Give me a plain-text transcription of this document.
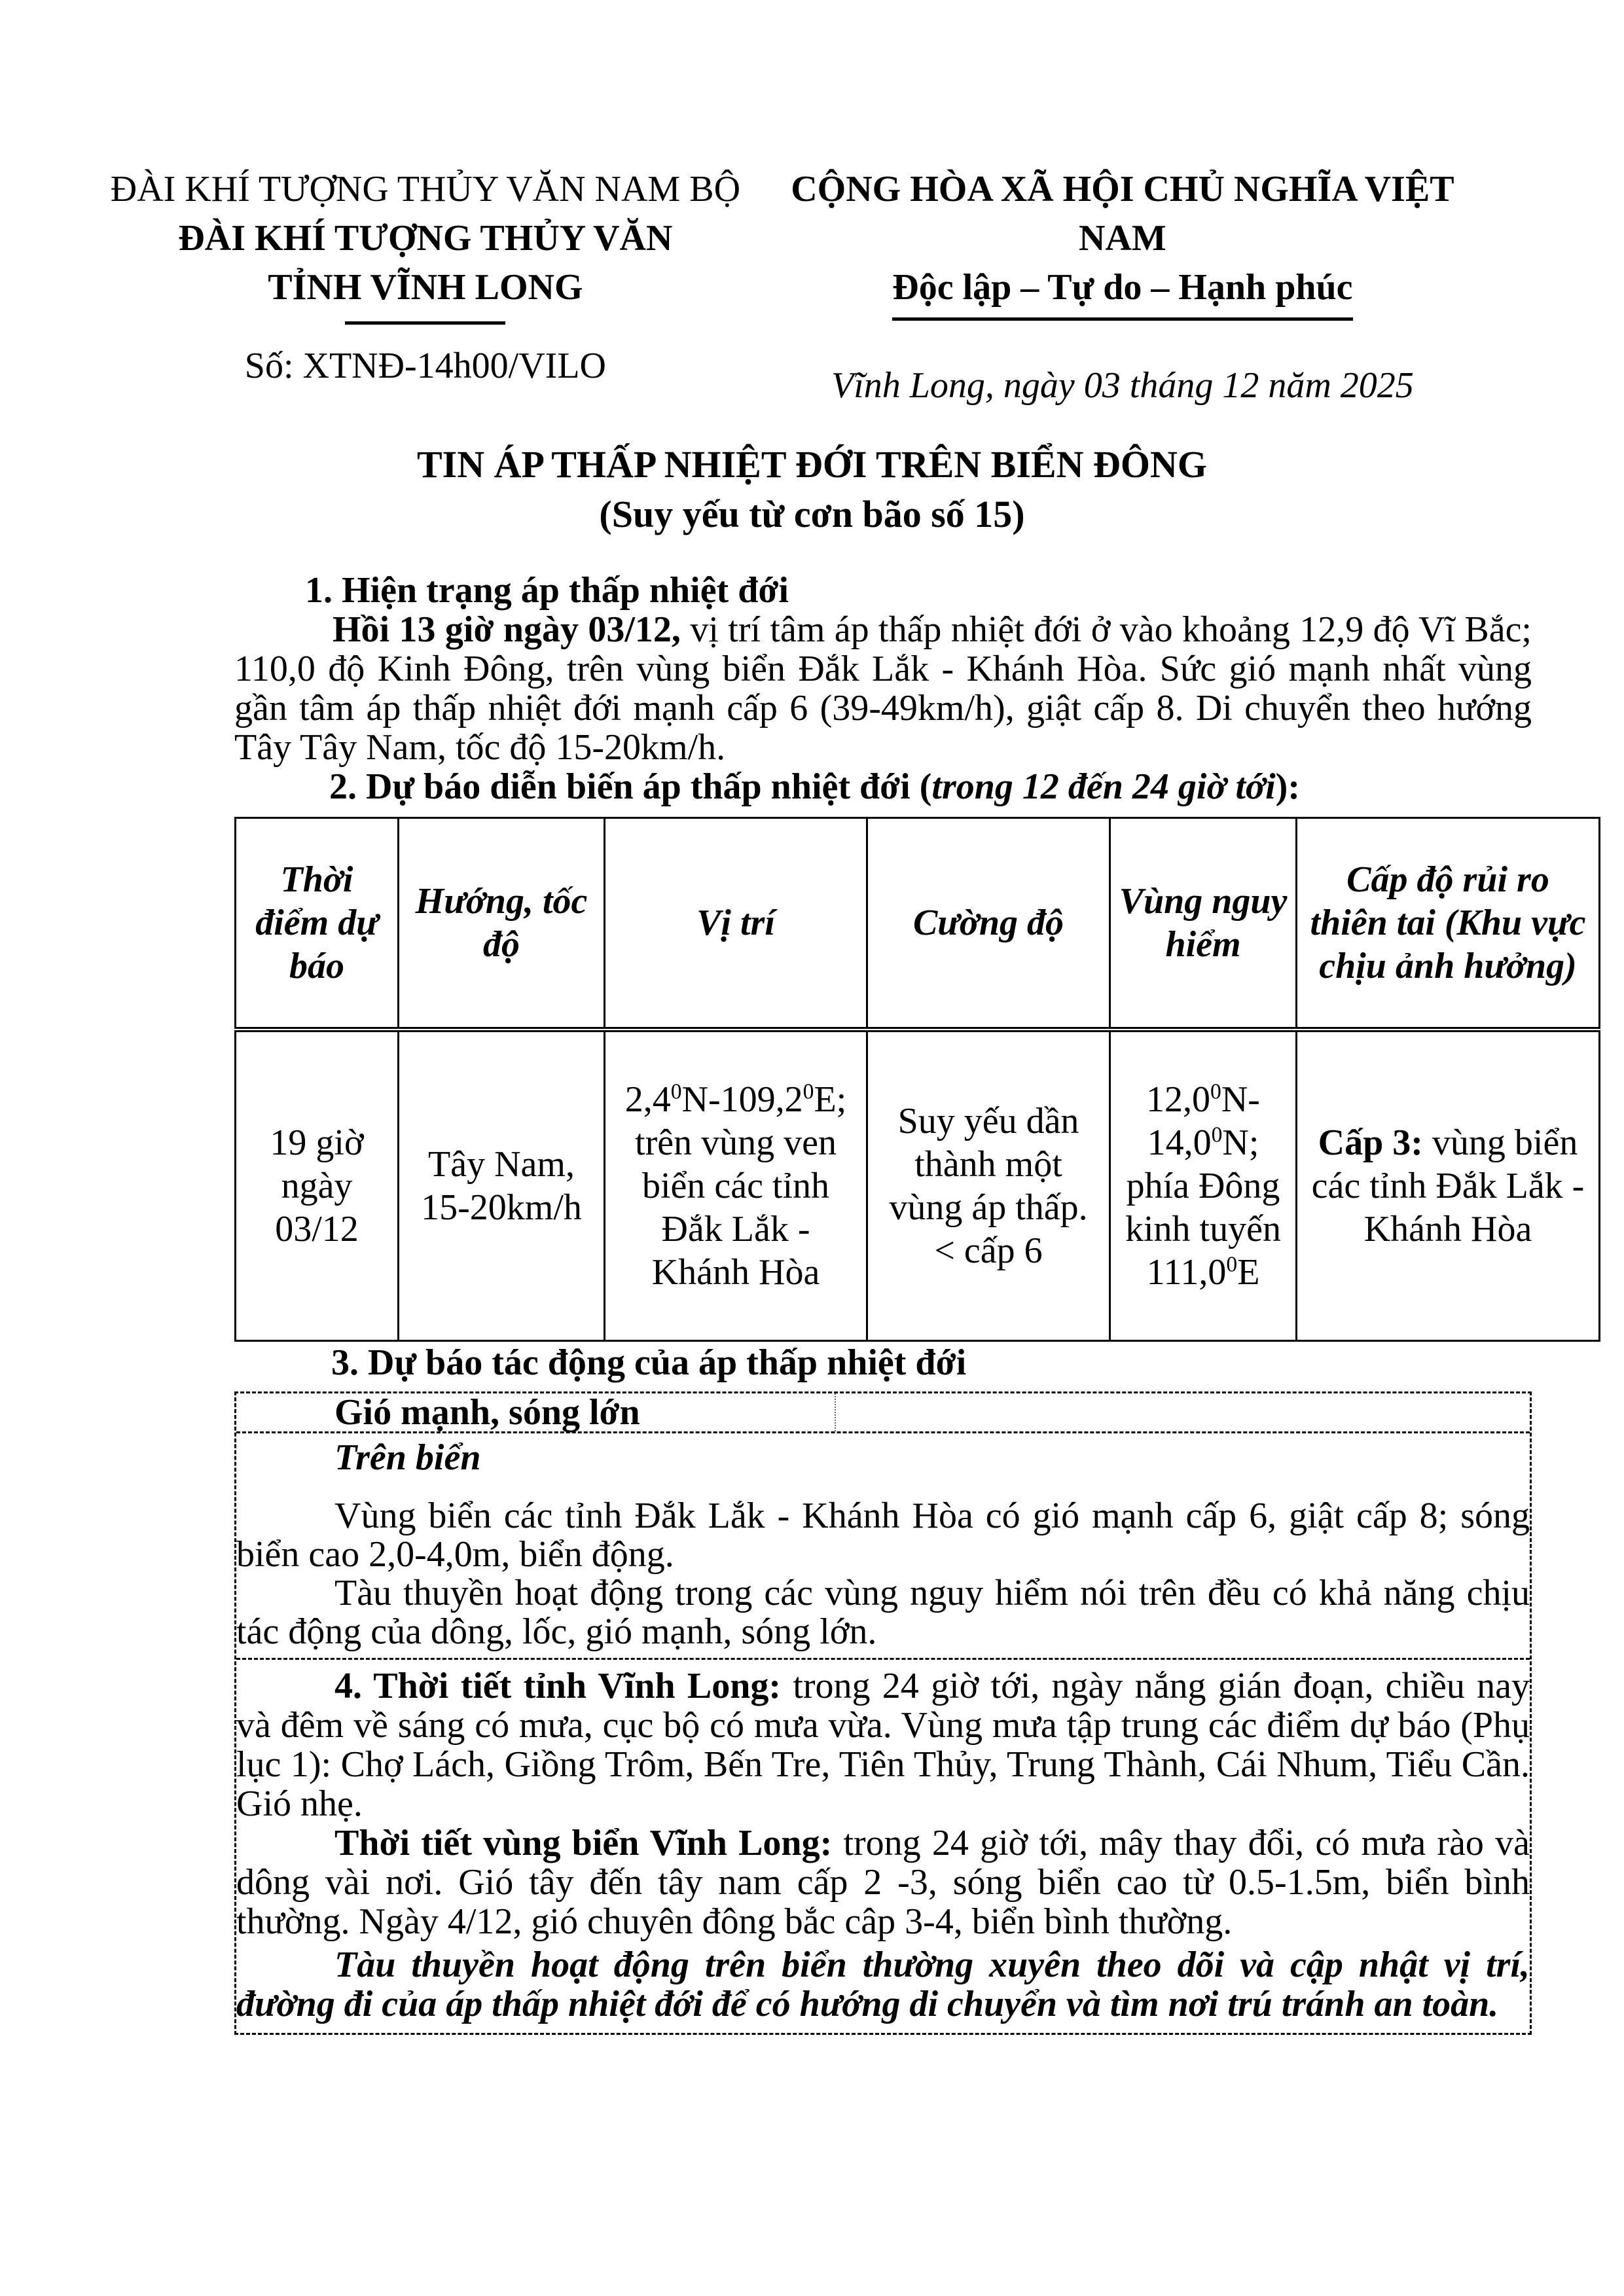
ĐÀI KHÍ TƯỢNG THỦY VĂN NAM BỘ
ĐÀI KHÍ TƯỢNG THỦY VĂN
TỈNH VĨNH LONG
Số: XTNĐ-14h00/VILO
CỘNG HÒA XÃ HỘI CHỦ NGHĨA VIỆT NAM
Độc lập – Tự do – Hạnh phúc
Vĩnh Long, ngày 03 tháng 12 năm 2025
TIN ÁP THẤP NHIỆT ĐỚI TRÊN BIỂN ĐÔNG
(Suy yếu từ cơn bão số 15)

1. Hiện trạng áp thấp nhiệt đới

Hồi 13 giờ ngày 03/12, vị trí tâm áp thấp nhiệt đới ở vào khoảng 12,9 độ Vĩ Bắc; 110,0 độ Kinh Đông, trên vùng biển Đắk Lắk - Khánh Hòa. Sức gió mạnh nhất vùng gần tâm áp thấp nhiệt đới mạnh cấp 6 (39-49km/h), giật cấp 8. Di chuyển theo hướng Tây Tây Nam, tốc độ 15-20km/h.

2. Dự báo diễn biến áp thấp nhiệt đới (trong 12 đến 24 giờ tới):

Thời điểm dự báo	Hướng, tốc độ	Vị trí	Cường độ	Vùng nguy hiểm	Cấp độ rủi ro thiên tai (Khu vực chịu ảnh hưởng)
19 giờ ngày 03/12	Tây Nam, 15-20km/h	$2,4^0N-109,2^0E$; trên vùng ven biển các tỉnh Đắk Lắk - Khánh Hòa	Suy yếu dần thành một vùng áp thấp. < cấp 6	12,0$^0$N-14,0$^0$N; phía Đông kinh tuyến 111,0$^0$E	Cấp 3: vùng biển các tỉnh Đắk Lắk - Khánh Hòa

3. Dự báo tác động của áp thấp nhiệt đới

Gió mạnh, sóng lớn

Trên biển

Vùng biển các tỉnh Đắk Lắk - Khánh Hòa có gió mạnh cấp 6, giật cấp 8; sóng biển cao 2,0-4,0m, biển động.

Tàu thuyền hoạt động trong các vùng nguy hiểm nói trên đều có khả năng chịu tác động của dông, lốc, gió mạnh, sóng lớn.

4. Thời tiết tỉnh Vĩnh Long: trong 24 giờ tới, ngày nắng gián đoạn, chiều nay và đêm về sáng có mưa, cục bộ có mưa vừa. Vùng mưa tập trung các điểm dự báo (Phụ lục 1): Chợ Lách, Giồng Trôm, Bến Tre, Tiên Thủy, Trung Thành, Cái Nhum, Tiểu Cần. Gió nhẹ.

Thời tiết vùng biển Vĩnh Long: trong 24 giờ tới, mây thay đổi, có mưa rào và dông vài nơi. Gió tây đến tây nam cấp 2 -3, sóng biển cao từ 0.5-1.5m, biển bình thường. Ngày 4/12, gió chuyên đông bắc câp 3-4, biển bình thường.

Tàu thuyền hoạt động trên biển thường xuyên theo dõi và cập nhật vị trí, đường đi của áp thấp nhiệt đới để có hướng di chuyển và tìm nơi trú tránh an toàn.
